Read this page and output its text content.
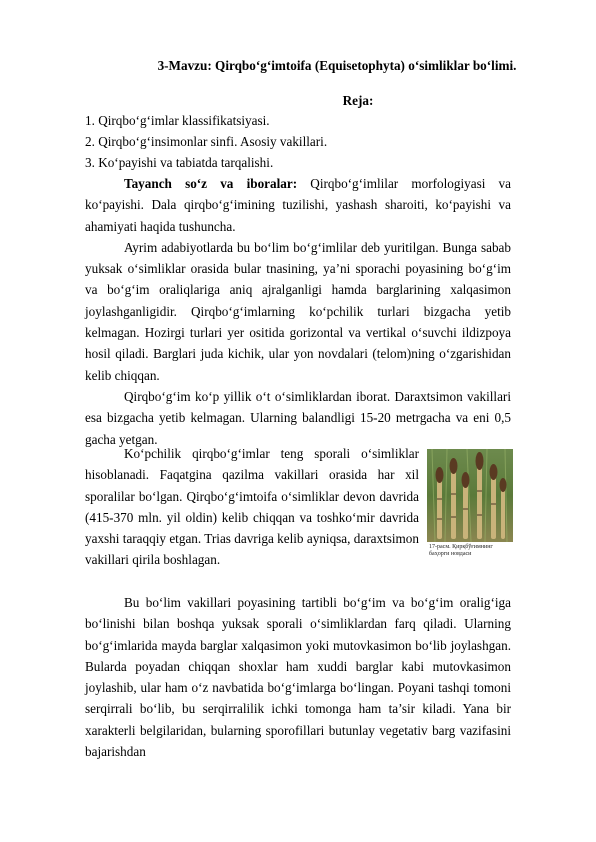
3-Mavzu: Qirqbo‘g‘imtoifa (Equisetophyta) o‘simliklar bo‘limi.
Reja:
1. Qirqbo‘g‘imlar klassifikatsiyasi.
2. Qirqbo‘g‘insimonlar sinfi. Asosiy vakillari.
3. Ko‘payishi va tabiatda tarqalishi.

Tayanch so‘z va iboralar: Qirqbo‘g‘imlilar morfologiyasi va ko‘payishi. Dala qirqbo‘g‘imining tuzilishi, yashash sharoiti, ko‘payishi va ahamiyati haqida tushuncha.

Ayrim adabiyotlarda bu bo‘lim bo‘g‘imlilar deb yuritilgan. Bunga sabab yuksak o‘simliklar orasida bular tnasining, ya’ni sporachi poyasining bo‘g‘im va bo‘g‘im oraliqlariga aniq ajralganligi hamda barglarining xalqasimon joylashganligidir. Qirqbo‘g‘imlarning ko‘pchilik turlari bizgacha yetib kelmagan. Hozirgi turlari yer ositida gorizontal va vertikal o‘suvchi ildizpoya hosil qiladi. Barglari juda kichik, ular yon novdalari (telom)ning o‘zgarishidan kelib chiqqan.

Qirqbo‘g‘im ko‘p yillik o‘t o‘simliklardan iborat. Daraxtsimon vakillari esa bizgacha yetib kelmagan. Ularning balandligi 15-20 metrgacha va eni 0,5 gacha yetgan.

Ko‘pchilik qirqbo‘g‘imlar teng sporali o‘simliklar hisoblanadi. Faqatgina qazilma vakillari orasida har xil sporalilar bo‘lgan. Qirqbo‘g‘imtoifa o‘simliklar devon davrida (415-370 mln. yil oldin) kelib chiqqan va toshko‘mir davrida yaxshi taraqqiy etgan. Trias davriga kelib ayniqsa, daraxtsimon vakillari qirila boshlagan.

17-расм. Қирқбўғимнинг баҳорги новдаси

Bu bo‘lim vakillari poyasining tartibli bo‘g‘im va bo‘g‘im oralig‘iga bo‘linishi bilan boshqa yuksak sporali o‘simliklardan farq qiladi. Ularning bo‘g‘imlarida mayda barglar xalqasimon yoki mutovkasimon bo‘lib joylashgan. Bularda poyadan chiqqan shoxlar ham xuddi barglar kabi mutovkasimon joylashib, ular ham o‘z navbatida bo‘g‘imlarga bo‘lingan. Poyani tashqi tomoni serqirrali bo‘lib, bu serqirralilik ichki tomonga ham ta’sir kiladi. Yana bir xarakterli belgilaridan, bularning sporofillari butunlay vegetativ barg vazifasini bajarishdan
